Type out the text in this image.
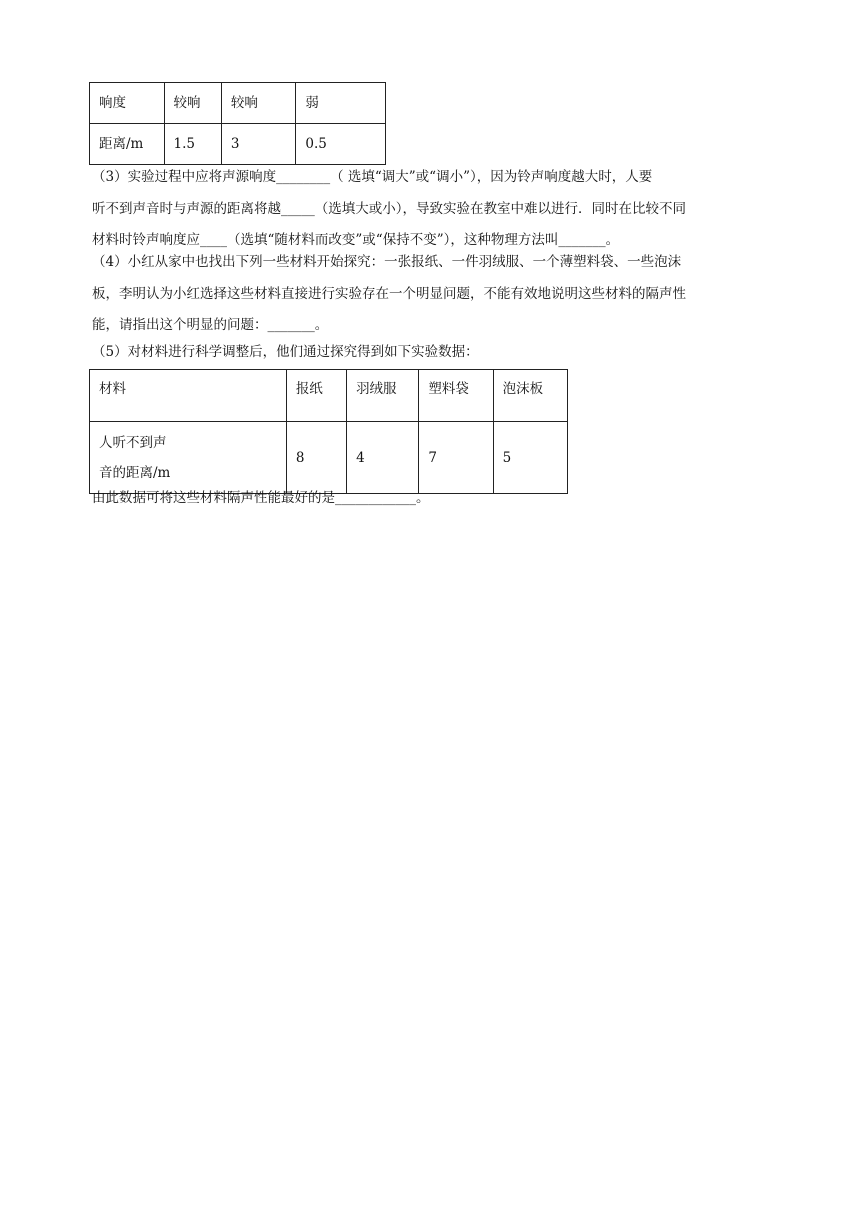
响度	较响	较响	弱
距离/m	1.5	3	0.5

（3）实验过程中应将声源响度________（ 选填“调大”或“调小”），因为铃声响度越大时，人要

听不到声音时与声源的距离将越_____（选填大或小），导致实验在教室中难以进行．同时在比较不同

材料时铃声响度应____（选填“随材料而改变”或“保持不变”），这种物理方法叫_______。

（4）小红从家中也找出下列一些材料开始探究：一张报纸、一件羽绒服、一个薄塑料袋、一些泡沫

板，李明认为小红选择这些材料直接进行实验存在一个明显问题，不能有效地说明这些材料的隔声性

能，请指出这个明显的问题：_______。

（5）对材料进行科学调整后，他们通过探究得到如下实验数据：

材料	报纸	羽绒服	塑料袋	泡沫板

人听不到声
音的距离/m	8	4	7	5

由此数据可将这些材料隔声性能最好的是____________。
